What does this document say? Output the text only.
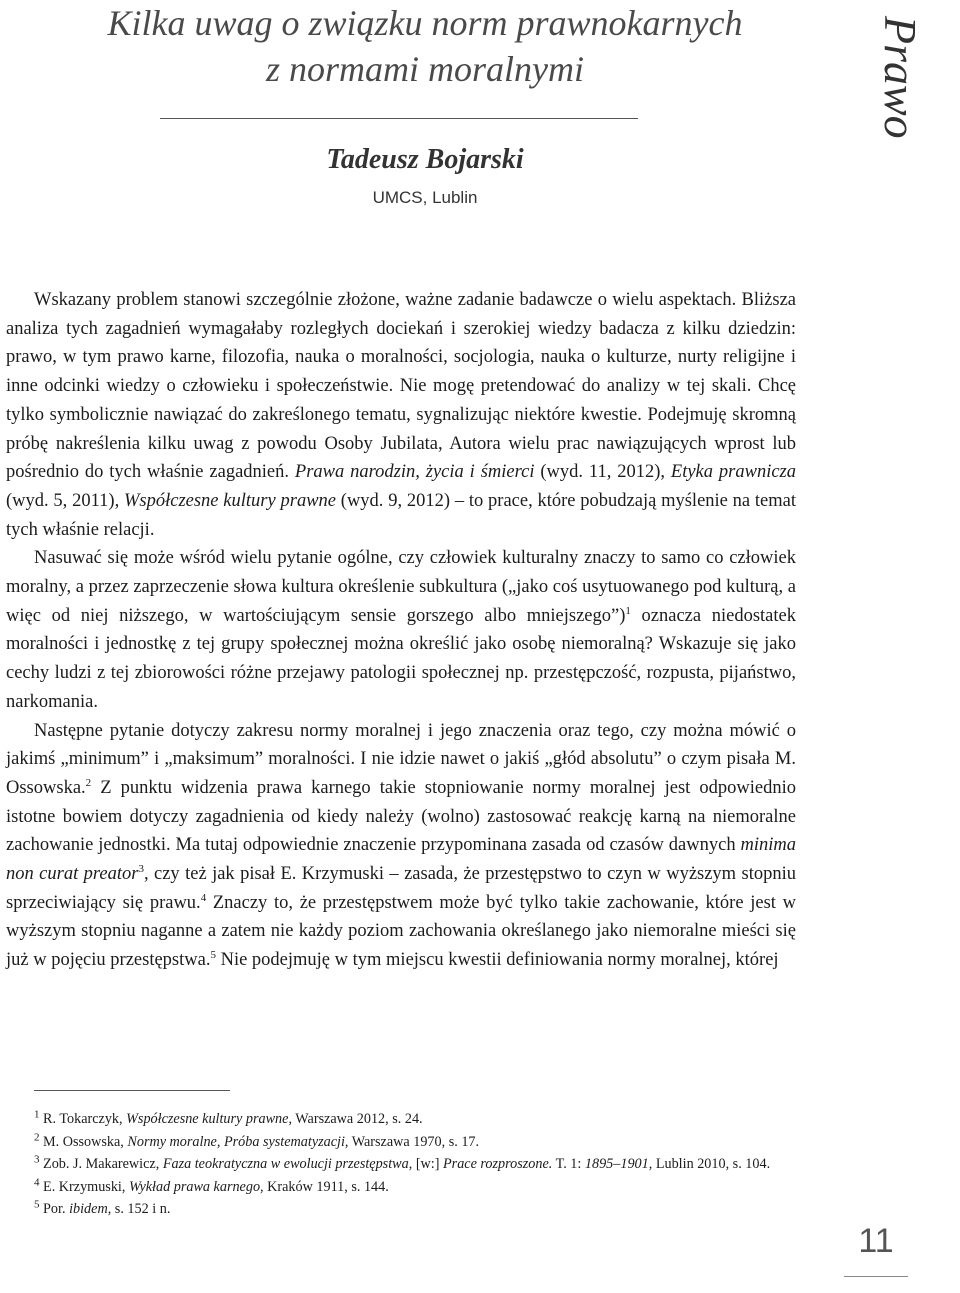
Kilka uwag o związku norm prawnokarnych
z normami moralnymi
Tadeusz Bojarski
UMCS, Lublin
Prawo

Wskazany problem stanowi szczególnie złożone, ważne zadanie badawcze o wielu aspektach. Bliższa analiza tych zagadnień wymagałaby rozległych dociekań i szerokiej wiedzy badacza z kilku dziedzin: prawo, w tym prawo karne, filozofia, nauka o moralności, socjologia, nauka o kulturze, nurty religijne i inne odcinki wiedzy o człowieku i społeczeństwie. Nie mogę pretendować do analizy w tej skali. Chcę tylko symbolicznie nawiązać do zakreślonego tematu, sygnalizując niektóre kwestie. Podejmuję skromną próbę nakreślenia kilku uwag z powodu Osoby Jubilata, Autora wielu prac nawiązujących wprost lub pośrednio do tych właśnie zagadnień. Prawa narodzin, życia i śmierci (wyd. 11, 2012), Etyka prawnicza (wyd. 5, 2011), Współczesne kultury prawne (wyd. 9, 2012) – to prace, które pobudzają myślenie na temat tych właśnie relacji.

Nasuwać się może wśród wielu pytanie ogólne, czy człowiek kulturalny znaczy to samo co człowiek moralny, a przez zaprzeczenie słowa kultura określenie subkultura („jako coś usytuowanego pod kulturą, a więc od niej niższego, w wartościującym sensie gorszego albo mniejszego”)$^1$ oznacza niedostatek moralności i jednostkę z tej grupy społecznej można określić jako osobę niemoralną? Wskazuje się jako cechy ludzi z tej zbiorowości różne przejawy patologii społecznej np. przestępczość, rozpusta, pijaństwo, narkomania.

Następne pytanie dotyczy zakresu normy moralnej i jego znaczenia oraz tego, czy można mówić o jakimś „minimum” i „maksimum” moralności. I nie idzie nawet o jakiś „głód absolutu” o czym pisała M. Ossowska.$^2$ Z punktu widzenia prawa karnego takie stopniowanie normy moralnej jest odpowiednio istotne bowiem dotyczy zagadnienia od kiedy należy (wolno) zastosować reakcję karną na niemoralne zachowanie jednostki. Ma tutaj odpowiednie znaczenie przypominana zasada od czasów dawnych minima non curat preator$^3$, czy też jak pisał E. Krzymuski – zasada, że przestępstwo to czyn w wyższym stopniu sprzeciwiający się prawu.$^4$ Znaczy to, że przestępstwem może być tylko takie zachowanie, które jest w wyższym stopniu naganne a zatem nie każdy poziom zachowania określanego jako niemoralne mieści się już w pojęciu przestępstwa.$^5$ Nie podejmuję w tym miejscu kwestii definiowania normy moralnej, której

$^1$ R. Tokarczyk, Współczesne kultury prawne, Warszawa 2012, s. 24.

$^2$ M. Ossowska, Normy moralne, Próba systematyzacji, Warszawa 1970, s. 17.

$^3$ Zob. J. Makarewicz, Faza teokratyczna w ewolucji przestępstwa, [w:] Prace rozproszone. T. 1: 1895–1901, Lublin 2010, s. 104.

$^4$ E. Krzymuski, Wykład prawa karnego, Kraków 1911, s. 144.

$^5$ Por. ibidem, s. 152 i n.

11
